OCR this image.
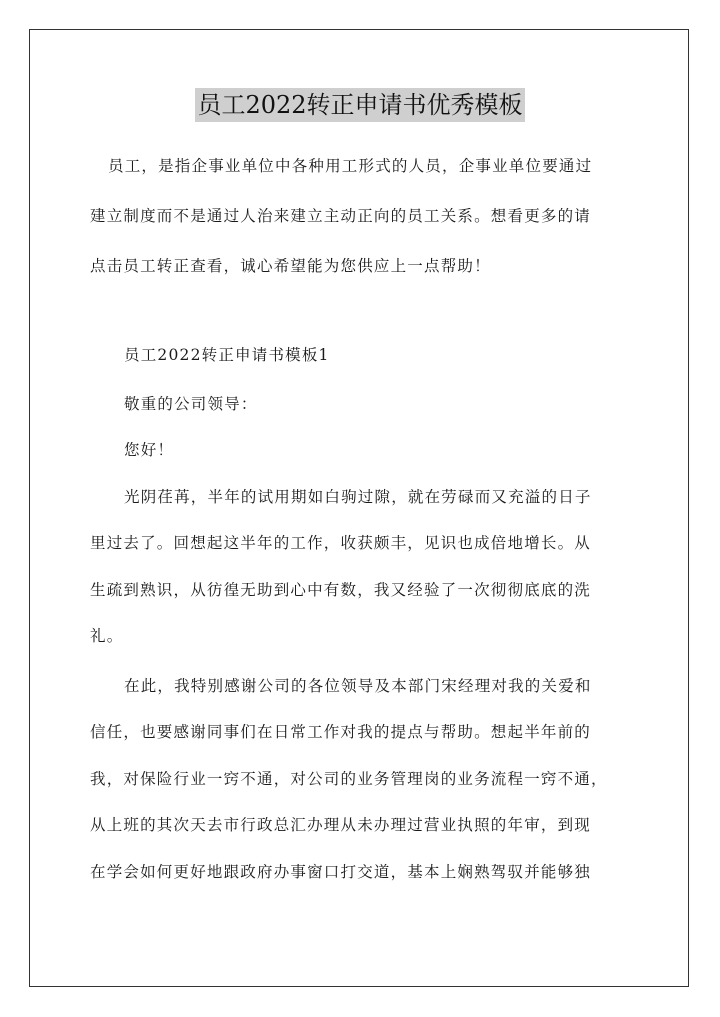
员工2022转正申请书优秀模板
员工，是指企事业单位中各种用工形式的人员，企事业单位要通过
建立制度而不是通过人治来建立主动正向的员工关系。想看更多的请
点击员工转正查看，诚心希望能为您供应上一点帮助！
员工2022转正申请书模板1
敬重的公司领导：
您好！
光阴荏苒，半年的试用期如白驹过隙，就在劳碌而又充溢的日子
里过去了。回想起这半年的工作，收获颇丰，见识也成倍地增长。从
生疏到熟识，从彷徨无助到心中有数，我又经验了一次彻彻底底的洗
礼。
在此，我特别感谢公司的各位领导及本部门宋经理对我的关爱和
信任，也要感谢同事们在日常工作对我的提点与帮助。想起半年前的
我，对保险行业一窍不通，对公司的业务管理岗的业务流程一窍不通，
从上班的其次天去市行政总汇办理从未办理过营业执照的年审，到现
在学会如何更好地跟政府办事窗口打交道，基本上娴熟驾驭并能够独
